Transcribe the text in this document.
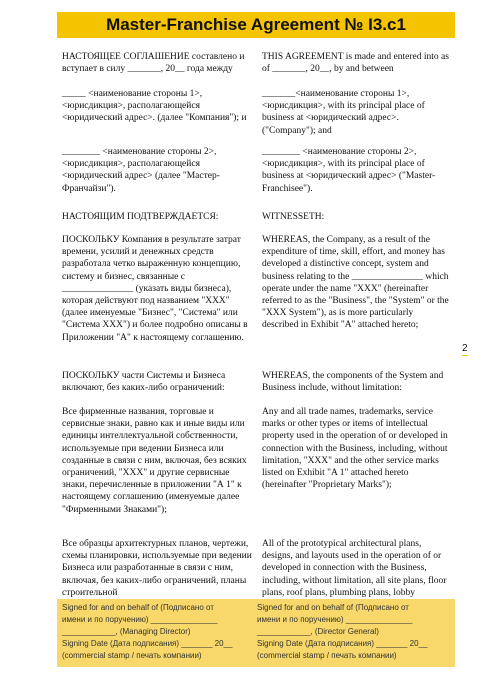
Master-Franchise Agreement № I3.c1

НАСТОЯЩЕЕ СОГЛАШЕНИЕ составлено и вступает в силу _______, 20__ года между

_____ <наименование стороны 1>, <юрисдикция>, располагающейся <юридический адрес>. (далее "Компания"); и

________ <наименование стороны 2>, <юрисдикция>, располагающейся <юридический адрес> (далее "Мастер-Франчайзи").

НАСТОЯЩИМ ПОДТВЕРЖДАЕТСЯ:

ПОСКОЛЬКУ Компания в результате затрат времени, усилий и денежных средств разработала четко выраженную концепцию, систему и бизнес, связанные с _______________ (указать виды бизнеса), которая действуют под названием "XXX" (далее именуемые "Бизнес", "Система" или "Система XXX") и более подробно описаны в Приложении "А" к настоящему соглашению.

ПОСКОЛЬКУ части Системы и Бизнеса включают, без каких-либо ограничений:

Все фирменные названия, торговые и сервисные знаки, равно как и иные виды или единицы интеллектуальной собственности, используемые при ведении Бизнеса или созданные в связи с ним, включая, без всяких ограничений, "XXX" и другие сервисные знаки, перечисленные в приложении "А 1" к настоящему соглашению (именуемые далее "Фирменными Знаками");

Все образцы архитектурных планов, чертежи, схемы планировки, используемые при ведении Бизнеса или разработанные в связи с ним, включая, без каких-либо ограничений, планы строительной

THIS AGREEMENT is made and entered into as of _______, 20__, by and between

_______<наименование стороны 1>, <юрисдикция>, with its principal place of business at <юридический адрес>. ("Company"); and

________ <наименование стороны 2>, <юрисдикция>, with its principal place of business at <юридический адрес> ("Master-Franchisee").

WITNESSETH:

WHEREAS, the Company, as a result of the expenditure of time, skill, effort, and money has developed a distinctive concept, system and business relating to the _______________ which operate under the name "XXX" (hereinafter referred to as the "Business", the "System" or the "XXX System"), as is more particularly described in Exhibit "A" attached hereto;

WHEREAS, the components of the System and Business include, without limitation:

Any and all trade names, trademarks, service marks or other types or items of intellectual property used in the operation of or developed in connection with the Business, including, without limitation, "XXX" and the other service marks listed on Exhibit "A 1" attached hereto (hereinafter "Proprietary Marks");

All of the prototypical architectural plans, designs, and layouts used in the operation of or developed in connection with the Business, including, without limitation, all site plans, floor plans, roof plans, plumbing plans, lobby

2

Signed for and on behalf of (Подписано от

имени и по поручению) _______________

____________, (Managing Director)

Signing Date (Дата подписания) _______ 20__

(commercial stamp / печать компании)

Signed for and on behalf of (Подписано от

имени и по поручению) _______________

____________, (Director General)

Signing Date (Дата подписания) _______ 20__

(commercial stamp / печать компании)
